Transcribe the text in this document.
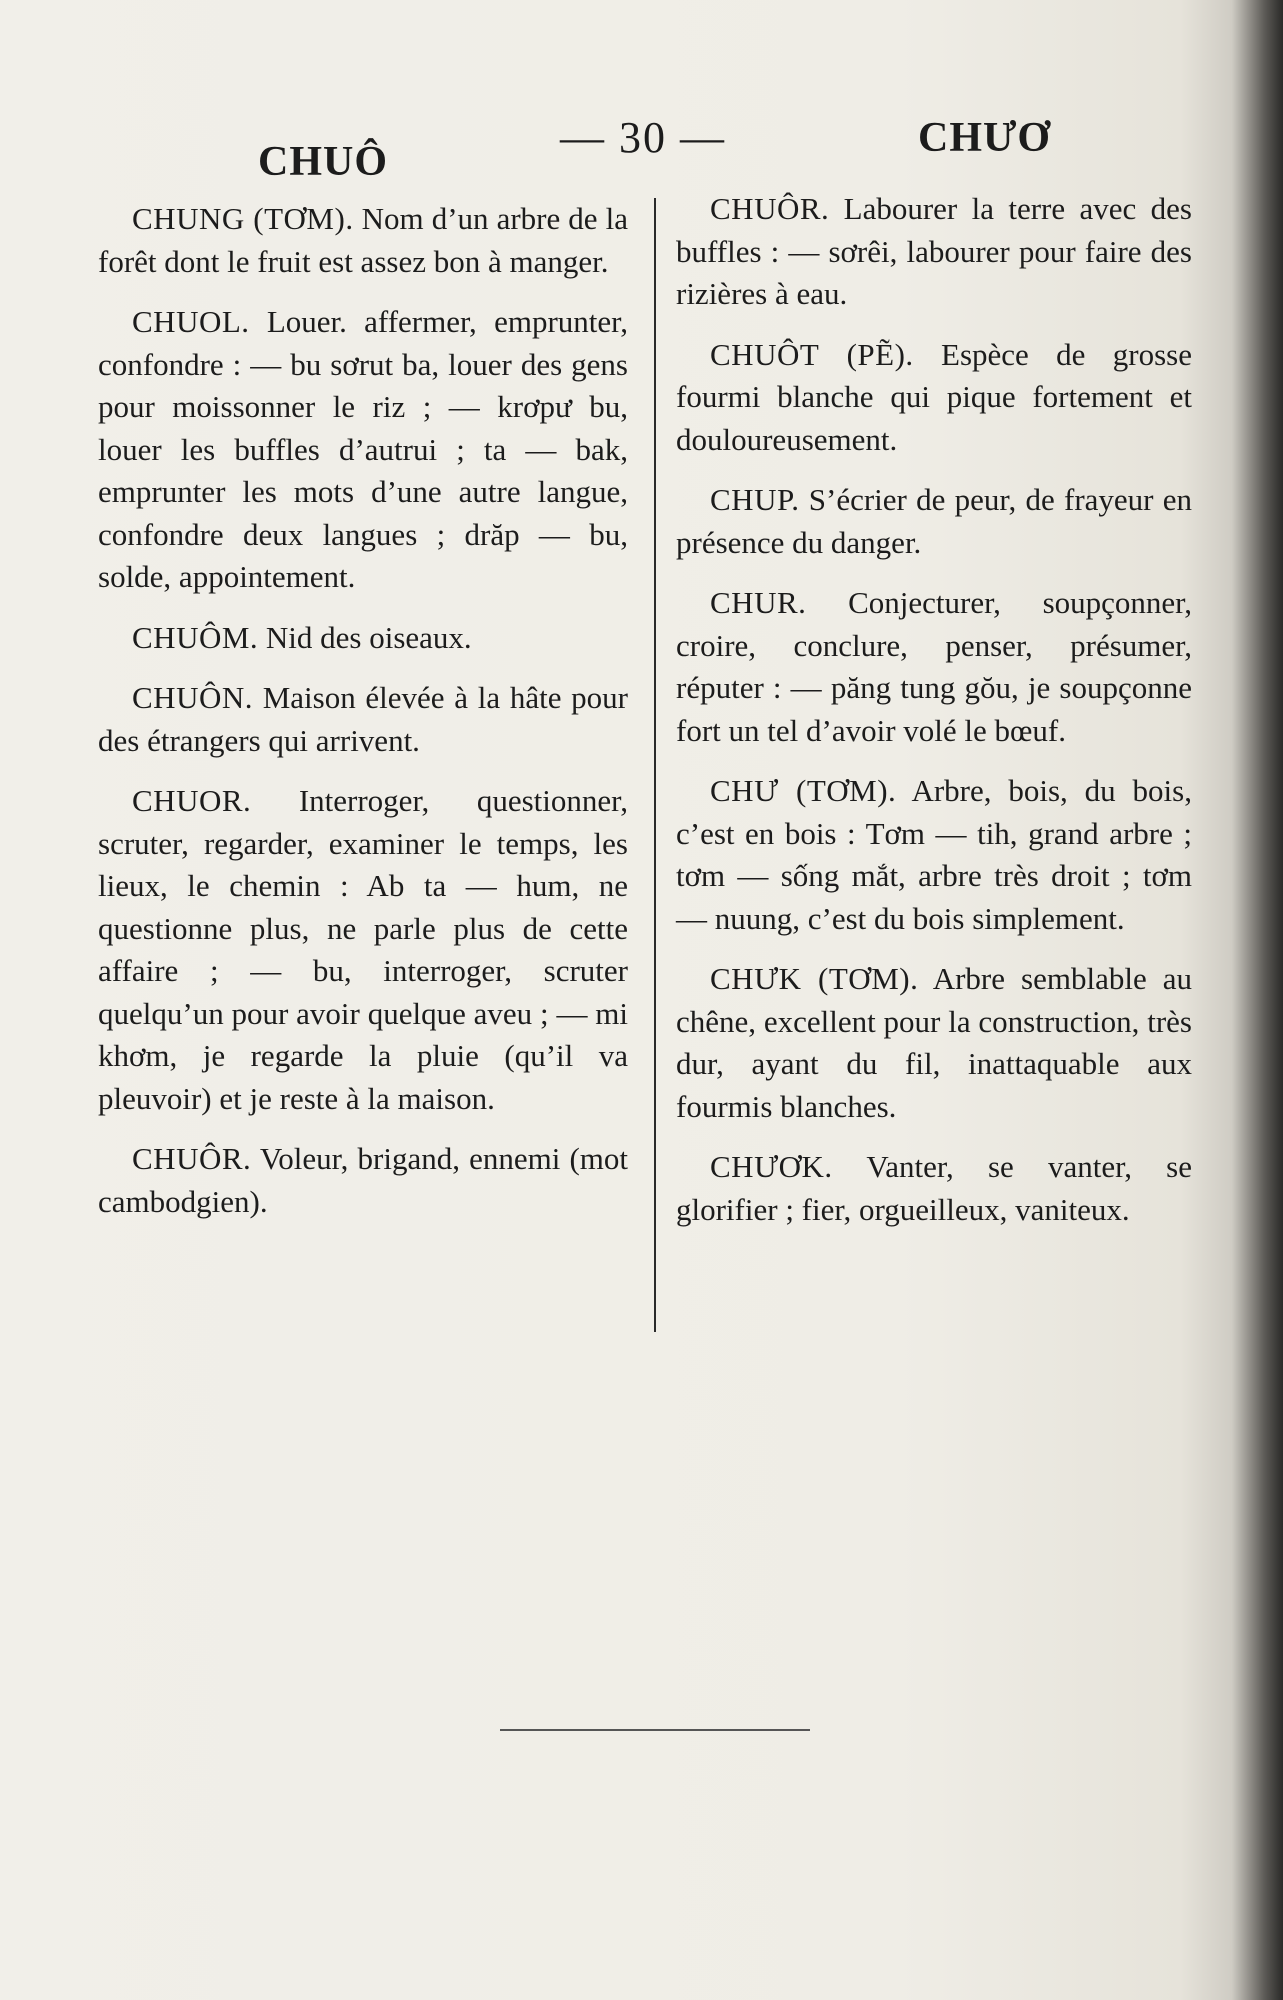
CHUÔ	— 30 —	CHƯƠ

CHUNG (TƠM). Nom d’un arbre de la forêt dont le fruit est assez bon à manger.

CHUOL. Louer. affermer, emprunter, confondre : — bu sơrut ba, louer des gens pour moissonner le riz ; — krơpư bu, louer les buffles d’autrui ; ta — bak, emprunter les mots d’une autre langue, confondre deux langues ; drăp — bu, solde, appointement.

CHUÔM. Nid des oiseaux.

CHUÔN. Maison élevée à la hâte pour des étrangers qui arrivent.

CHUOR. Interroger, questionner, scruter, regarder, examiner le temps, les lieux, le chemin : Ab ta — hum, ne questionne plus, ne parle plus de cette affaire ; — bu, interroger, scruter quelqu’un pour avoir quelque aveu ; — mi khơm, je regarde la pluie (qu’il va pleuvoir) et je reste à la maison.

CHUÔR. Voleur, brigand, ennemi (mot cambodgien).

CHUÔR. Labourer la terre avec des buffles : — sơrêi, labourer pour faire des rizières à eau.

CHUÔT (PẼ). Espèce de grosse fourmi blanche qui pique fortement et douloureusement.

CHUP. S’écrier de peur, de frayeur en présence du danger.

CHUR. Conjecturer, soupçonner, croire, conclure, penser, présumer, réputer : — păng tung gŏu, je soupçonne fort un tel d’avoir volé le bœuf.

CHƯ (TƠM). Arbre, bois, du bois, c’est en bois : Tơm — tih, grand arbre ; tơm — sống mắt, arbre très droit ; tơm — nuung, c’est du bois simplement.

CHƯK (TƠM). Arbre semblable au chêne, excellent pour la construction, très dur, ayant du fil, inattaquable aux fourmis blanches.

CHƯƠK. Vanter, se vanter, se glorifier ; fier, orgueilleux, vaniteux.
